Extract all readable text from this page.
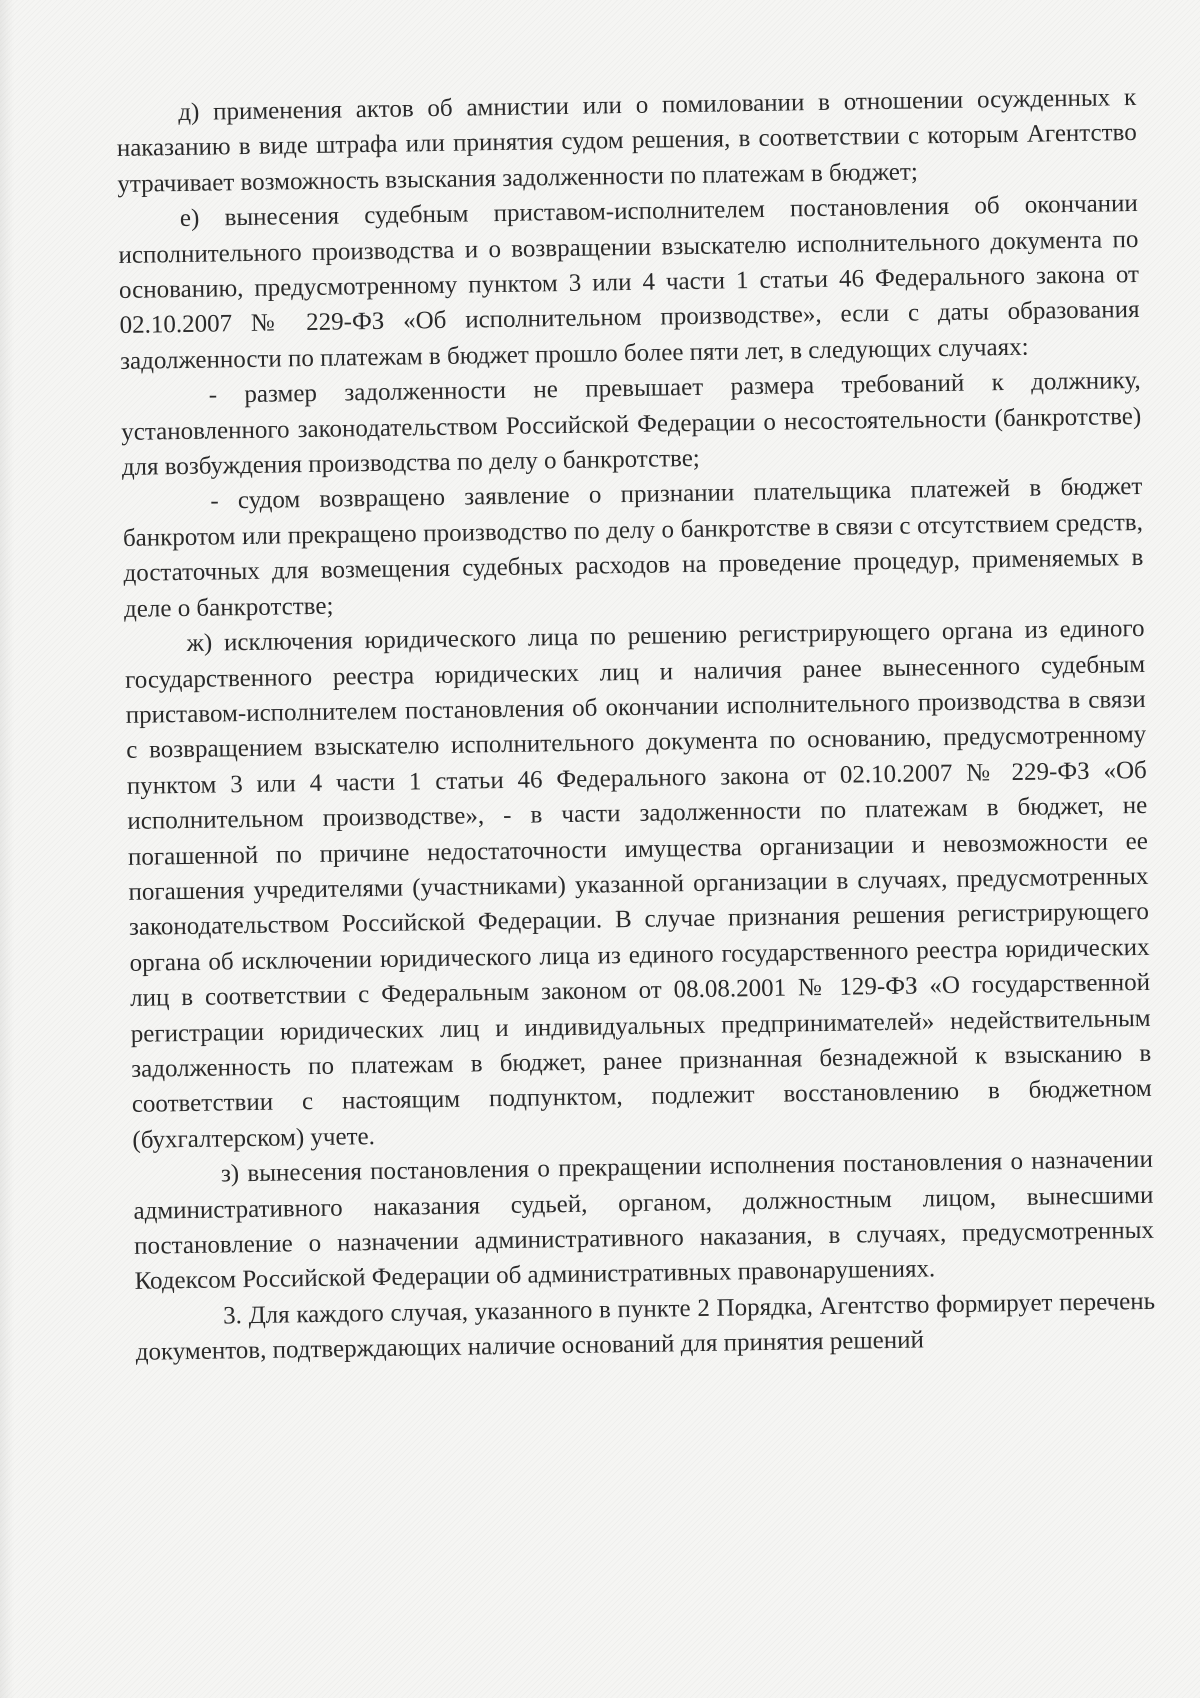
д) применения актов об амнистии или о помиловании в отношении осужденных к наказанию в виде штрафа или принятия судом решения, в соответствии с которым Агентство утрачивает возможность взыскания задолженности по платежам в бюджет;

е) вынесения судебным приставом-исполнителем постановления об окончании исполнительного производства и о возвращении взыскателю исполнительного документа по основанию, предусмотренному пунктом 3 или 4 части 1 статьи 46 Федерального закона от 02.10.2007 № 229-ФЗ «Об исполнительном производстве», если с даты образования задолженности по платежам в бюджет прошло более пяти лет, в следующих случаях:

- размер задолженности не превышает размера требований к должнику, установленного законодательством Российской Федерации о несостоятельности (банкротстве) для возбуждения производства по делу о банкротстве;

- судом возвращено заявление о признании плательщика платежей в бюджет банкротом или прекращено производство по делу о банкротстве в связи с отсутствием средств, достаточных для возмещения судебных расходов на проведение процедур, применяемых в деле о банкротстве;

ж) исключения юридического лица по решению регистрирующего органа из единого государственного реестра юридических лиц и наличия ранее вынесенного судебным приставом-исполнителем постановления об окончании исполнительного производства в связи с возвращением взыскателю исполнительного документа по основанию, предусмотренному пунктом 3 или 4 части 1 статьи 46 Федерального закона от 02.10.2007 № 229-ФЗ «Об исполнительном производстве», - в части задолженности по платежам в бюджет, не погашенной по причине недостаточности имущества организации и невозможности ее погашения учредителями (участниками) указанной организации в случаях, предусмотренных законодательством Российской Федерации. В случае признания решения регистрирующего органа об исключении юридического лица из единого государственного реестра юридических лиц в соответствии с Федеральным законом от 08.08.2001 № 129-ФЗ «О государственной регистрации юридических лиц и индивидуальных предпринимателей» недействительным задолженность по платежам в бюджет, ранее признанная безнадежной к взысканию в соответствии с настоящим подпунктом, подлежит восстановлению в бюджетном (бухгалтерском) учете.

з) вынесения постановления о прекращении исполнения постановления о назначении административного наказания судьей, органом, должностным лицом, вынесшими постановление о назначении административного наказания, в случаях, предусмотренных Кодексом Российской Федерации об административных правонарушениях.

3. Для каждого случая, указанного в пункте 2 Порядка, Агентство формирует перечень документов, подтверждающих наличие оснований для принятия решений
